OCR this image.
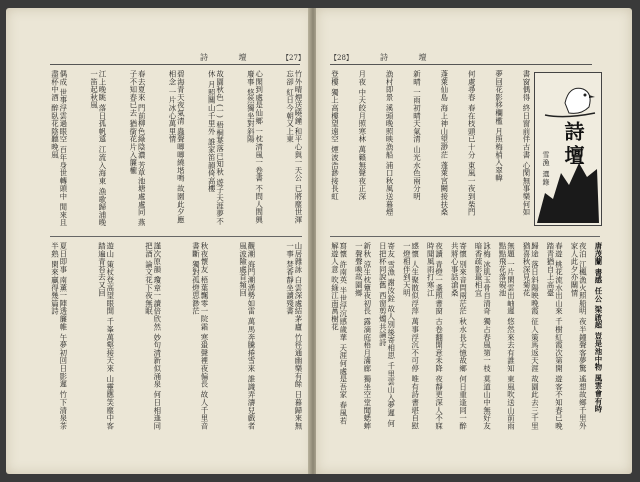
詩 壇	【27】
竹外晴煙送曉鐘 和平心與一天公 已將塵世渾忘卻 紅日今朝又上東
心閑到處是仙鄉 一枕清風一卷書 不問人間興廢事 悠然獨坐對斜陽
故園秋色 (一) 梧桐葉落已知秋 遊子天涯夢不休 月照關山千里外 誰家笛韻倚高樓
碧海青天夜氣清 蟲聲唧唧繞堦鳴 故園此夕應相念 一片冰心萬里情
春去夏來 門前柳色綠陰濃 芳草池塘處處同 燕子不知春已去 猶銜花片入簾櫳
江上晚眺 落日孤帆遠 江流入海東 漁歌歸浦晚 一笛起秋風
偶成 世事浮雲過眼空 百年身世轉頭中 閒來且盡杯中酒 醉臥花陰聽晚風
山居雜詠 白雲深處結茅廬 竹徑通幽樂有餘 日暮歸來無一事 焚香靜坐讀殘書
觀潮 海門潮湧勢如雷 萬馬奔騰捲雪來 誰識弄濤兒戲者 風波險處首頻回
秋夜懷友 梧葉飄零一院霜 寒蛩聲裡夜偏長 故人千里音書斷 獨對孤燈思渺茫
謹次原韻 瓊章一讀倍欣然 妙句清新似涌泉 何日相逢同把酒 論文花下夜無眠
遊山 策杖登高望眼開 千峯萬壑接天來 山靈應笑塵中客 踏遍青苔去又回
夏日即事 南薰一陣透簾帷 午夢初回日影遲 竹下清泉茶半熟 閑來贏得幾篇詩
【28】	詩 壇
詩壇
雪漁 選錄
書窗偶得 終日窗前伴古書 心閑無事樂何如
夢回花影移欄檻 月照梅梢入翠幃
何處尋春 春在枝頭已十分 東風一夜到柴門
蓬萊仙島 海上神山望渺茫 蓬萊宮闕接扶桑
新晴 一雨初晴天氣清 山光水色兩分明
漁村即景 溪頭晚照映漁船 浦口秋風送暮煙
月夜 中天皎月照寒林 萬籟無聲夜正深
登樓 獨上高樓望遠空 煙波浩渺接長虹
唐茂蘭 書感 任公 梁啟超 豈是池中物 風雲會有時
夜泊 江楓漁火照船明 夜半鐘聲客夢驚 遙想故鄉千里外 家人此夕亦關情
春遊 桃花流水出山來 千樹紅霞次第開 遊客不知春已晚 踏青猶自上高臺
歸途 落日斜陽映晚霞 征人策馬返天涯 故園此去三千里 猶喜秋深見菊花
無題 一片閑雲出岫遲 悠然來去有誰知 東風吹送山前雨 點點飛花落硯池
詠梅 冰肌玉骨自清奇 獨占春風第一枝 莫道山中無好友 暗香疏影最相宜
寄懷 別來音問兩茫茫 秋水長天憶故鄉 何日重逢同一醉 共將心事話滄桑
夜讀 青燈一盞照書窗 古卷翻開意未降 夜靜更深人不寐 時聞風雨打寒江
感懷 人生聚散似浮萍 萬事浮沉不可停 唯有詩書堪自慰 一燈相伴到天明
寄友 雪漁 謝汝銓 故人別後寄相思 千里雲山入夢遲 何日把杯同說舊 西窗剪燭共論詩
新秋 涼生枕簟夜初長 露滴庭梧月滿廊 獨坐空堂聞蟋蟀 一聲聲喚故園鄉
寫懷 許南英 半世浮沉感歲華 天涯何處是吾家 春風若解遊人意 吹綠江南萬樹花
